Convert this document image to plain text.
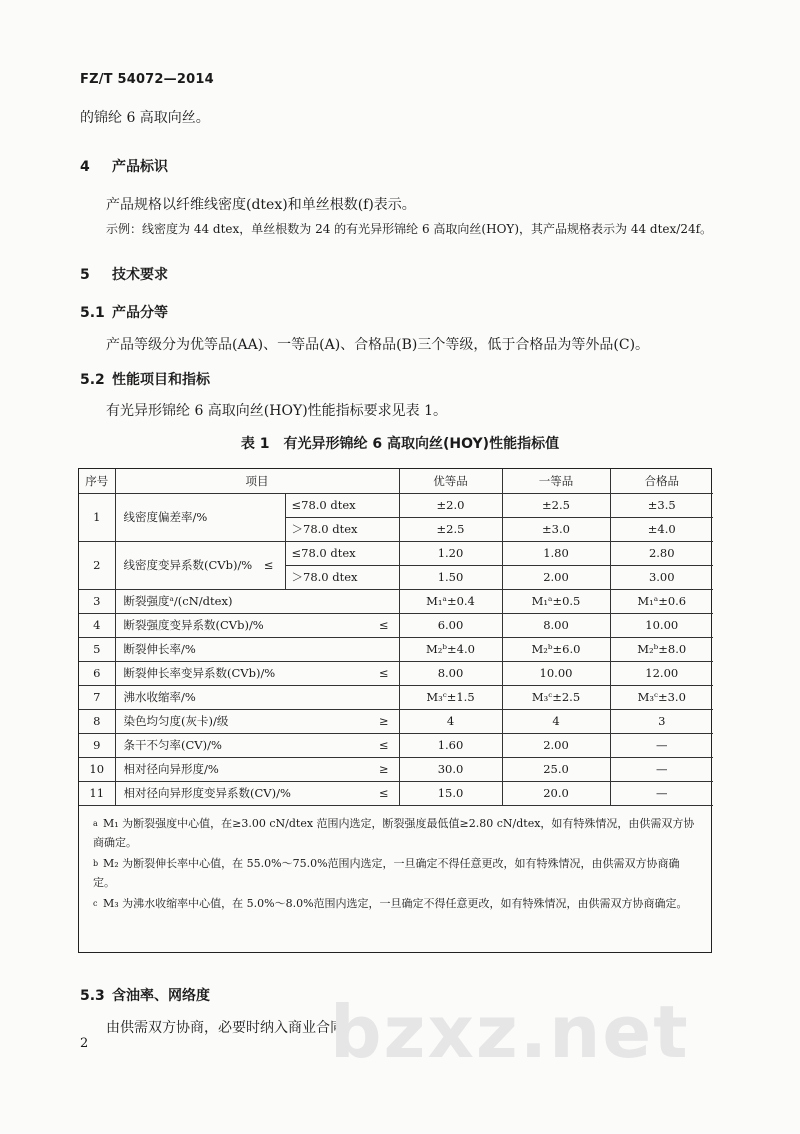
FZ/T 54072—2014
的锦纶 6 高取向丝。
4 产品标识
产品规格以纤维线密度(dtex)和单丝根数(f)表示。
示例：线密度为 44 dtex，单丝根数为 24 的有光异形锦纶 6 高取向丝(HOY)，其产品规格表示为 44 dtex/24f。
5 技术要求
5.1 产品分等
产品等级分为优等品(AA)、一等品(A)、合格品(B)三个等级，低于合格品为等外品(C)。
5.2 性能项目和指标
有光异形锦纶 6 高取向丝(HOY)性能指标要求见表 1。
表 1　有光异形锦纶 6 高取向丝(HOY)性能指标值
序号	项目		优等品	一等品	合格品
1	线密度偏差率/%	≤78.0 dtex	±2.0	±2.5	±3.5
		＞78.0 dtex	±2.5	±3.0	±4.0
2	线密度变异系数(CVb)/%　≤	≤78.0 dtex	1.20	1.80	2.80
		＞78.0 dtex	1.50	2.00	3.00
3	断裂强度ᵃ/(cN/dtex)		M₁ᵃ±0.4	M₁ᵃ±0.5	M₁ᵃ±0.6
4	断裂强度变异系数(CVb)/% ≤		6.00	8.00	10.00
5	断裂伸长率/%		M₂ᵇ±4.0	M₂ᵇ±6.0	M₂ᵇ±8.0
6	断裂伸长率变异系数(CVb)/% ≤		8.00	10.00	12.00
7	沸水收缩率/%		M₃ᶜ±1.5	M₃ᶜ±2.5	M₃ᶜ±3.0
8	染色均匀度(灰卡)/级 ≥		4	4	3
9	条干不匀率(CV)/% ≤		1.60	2.00	—
10	相对径向异形度/% ≥		30.0	25.0	—
11	相对径向异形度变异系数(CV)/% ≤		15.0	20.0	—
a M₁ 为断裂强度中心值，在≥3.00 cN/dtex 范围内选定，断裂强度最低值≥2.80 cN/dtex，如有特殊情况，由供需双方协商确定。
b M₂ 为断裂伸长率中心值，在 55.0%～75.0%范围内选定，一旦确定不得任意更改，如有特殊情况，由供需双方协商确定。
c M₃ 为沸水收缩率中心值，在 5.0%～8.0%范围内选定，一旦确定不得任意更改，如有特殊情况，由供需双方协商确定。
5.3 含油率、网络度
由供需双方协商，必要时纳入商业合同。
bzxz.net
2
